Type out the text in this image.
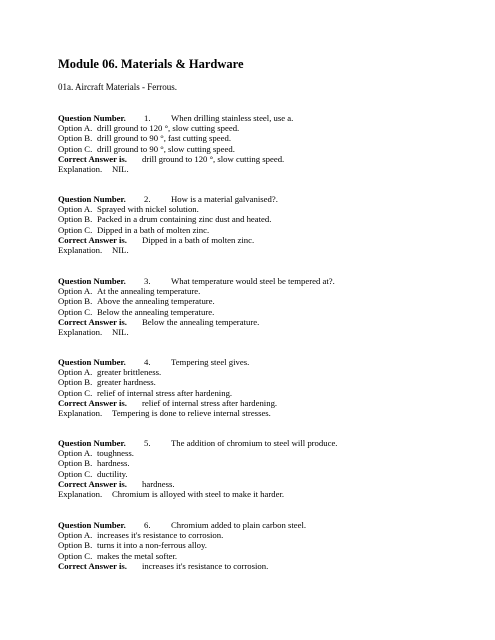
Module 06. Materials & Hardware
01a. Aircraft Materials - Ferrous.
Question Number. 1. When drilling stainless steel, use a.
Option A. drill ground to 120 °, slow cutting speed.
Option B. drill ground to 90 °, fast cutting speed.
Option C. drill ground to 90 °, slow cutting speed.
Correct Answer is. drill ground to 120 °, slow cutting speed.
Explanation. NIL.
Question Number. 2. How is a material galvanised?.
Option A. Sprayed with nickel solution.
Option B. Packed in a drum containing zinc dust and heated.
Option C. Dipped in a bath of molten zinc.
Correct Answer is. Dipped in a bath of molten zinc.
Explanation. NIL.
Question Number. 3. What temperature would steel be tempered at?.
Option A. At the annealing temperature.
Option B. Above the annealing temperature.
Option C. Below the annealing temperature.
Correct Answer is. Below the annealing temperature.
Explanation. NIL.
Question Number. 4. Tempering steel gives.
Option A. greater brittleness.
Option B. greater hardness.
Option C. relief of internal stress after hardening.
Correct Answer is. relief of internal stress after hardening.
Explanation. Tempering is done to relieve internal stresses.
Question Number. 5. The addition of chromium to steel will produce.
Option A. toughness.
Option B. hardness.
Option C. ductility.
Correct Answer is. hardness.
Explanation. Chromium is alloyed with steel to make it harder.
Question Number. 6. Chromium added to plain carbon steel.
Option A. increases it's resistance to corrosion.
Option B. turns it into a non-ferrous alloy.
Option C. makes the metal softer.
Correct Answer is. increases it's resistance to corrosion.
